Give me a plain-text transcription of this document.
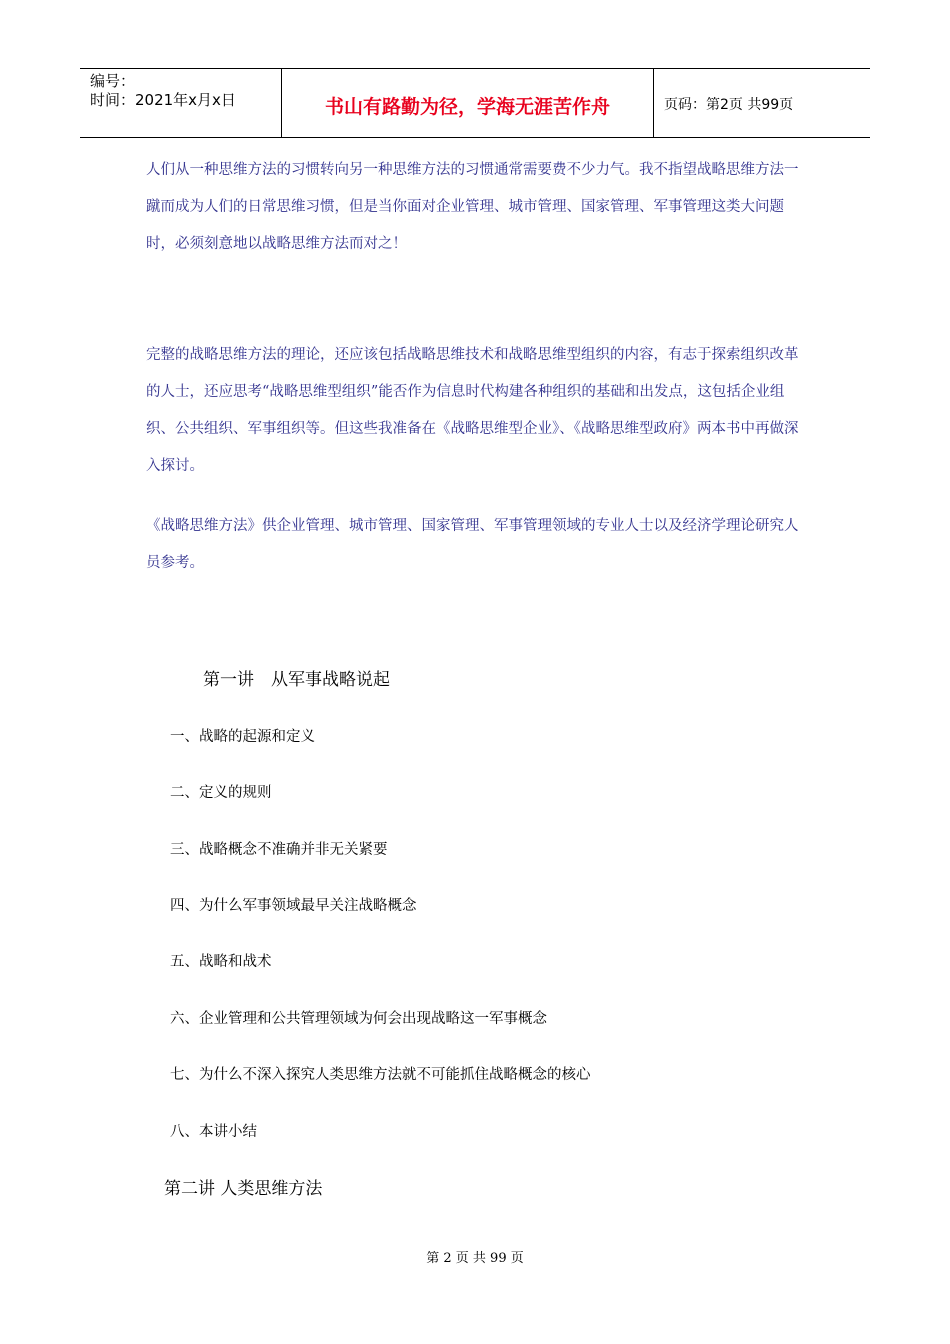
编号：
时间：2021年x月x日	书山有路勤为径，学海无涯苦作舟	页码：第2页 共99页

人们从一种思维方法的习惯转向另一种思维方法的习惯通常需要费不少力气。我不指望战略思维方法一蹴而成为人们的日常思维习惯，但是当你面对企业管理、城市管理、国家管理、军事管理这类大问题时，必须刻意地以战略思维方法而对之！

完整的战略思维方法的理论，还应该包括战略思维技术和战略思维型组织的内容，有志于探索组织改革的人士，还应思考“战略思维型组织”能否作为信息时代构建各种组织的基础和出发点，这包括企业组织、公共组织、军事组织等。但这些我准备在《战略思维型企业》、《战略思维型政府》两本书中再做深入探讨。

《战略思维方法》供企业管理、城市管理、国家管理、军事管理领域的专业人士以及经济学理论研究人员参考。

第一讲　从军事战略说起

一、战略的起源和定义

二、定义的规则

三、战略概念不准确并非无关紧要

四、为什么军事领域最早关注战略概念

五、战略和战术

六、企业管理和公共管理领域为何会出现战略这一军事概念

七、为什么不深入探究人类思维方法就不可能抓住战略概念的核心

八、本讲小结

第二讲 人类思维方法

第 2 页 共 99 页
